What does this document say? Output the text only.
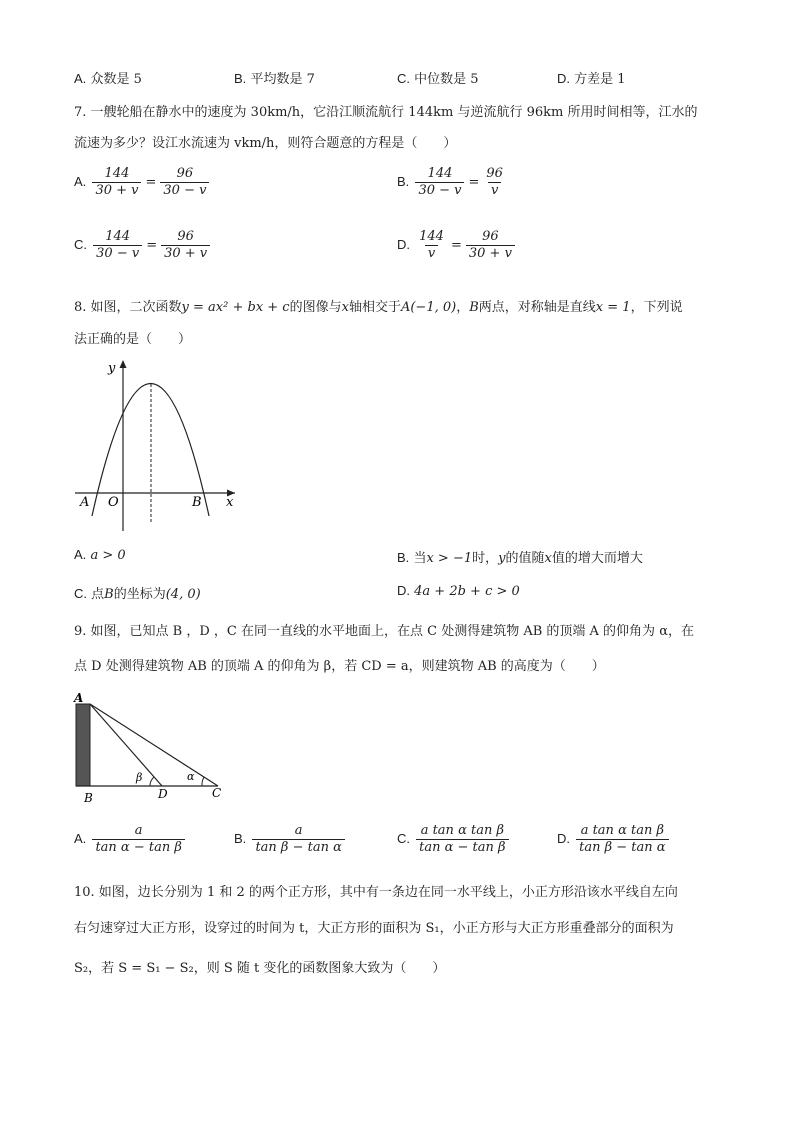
A. 众数是 5	B. 平均数是 7	C. 中位数是 5	D. 方差是 1
7. 一艘轮船在静水中的速度为 30km/h，它沿江顺流航行 144km 与逆流航行 96km 所用时间相等，江水的
流速为多少？设江水流速为 vkm/h，则符合题意的方程是（　　）
A. $\frac{144}{30 + v} = \frac{96}{30 - v}$	B. $\frac{144}{30 - v} = \frac{96}{v}$
C. $\frac{144}{30 - v} = \frac{96}{30 + v}$	D. $\frac{144}{v} = \frac{96}{30 + v}$
8. 如图，二次函数y = ax² + bx + c的图像与x轴相交于A(−1, 0)，B两点，对称轴是直线x = 1，下列说
法正确的是（　　）
y
x
O
A	B
A. a > 0	B. 当x > −1时，y的值随x值的增大而增大
C. 点B的坐标为(4, 0)	D. 4a + 2b + c > 0
9. 如图，已知点 B ，D ，C 在同一直线的水平地面上，在点 C 处测得建筑物 AB 的顶端 A 的仰角为 α，在
点 D 处测得建筑物 AB 的顶端 A 的仰角为 β，若 CD = a，则建筑物 AB 的高度为（　　）
A
B	D	C
β	α
A. $\frac{a}{\text{tan α − tan β}}$	B. $\frac{a}{\text{tan β − tan α}}$	C. $\frac{\text{a tan α tan β}}{\text{tan α − tan β}}$	D. $\frac{\text{a tan α tan β}}{\text{tan β − tan α}}$
10. 如图，边长分别为 1 和 2 的两个正方形，其中有一条边在同一水平线上，小正方形沿该水平线自左向
右匀速穿过大正方形，设穿过的时间为 t，大正方形的面积为 S₁，小正方形与大正方形重叠部分的面积为
S₂，若 S = S₁ − S₂，则 S 随 t 变化的函数图象大致为（　　）
